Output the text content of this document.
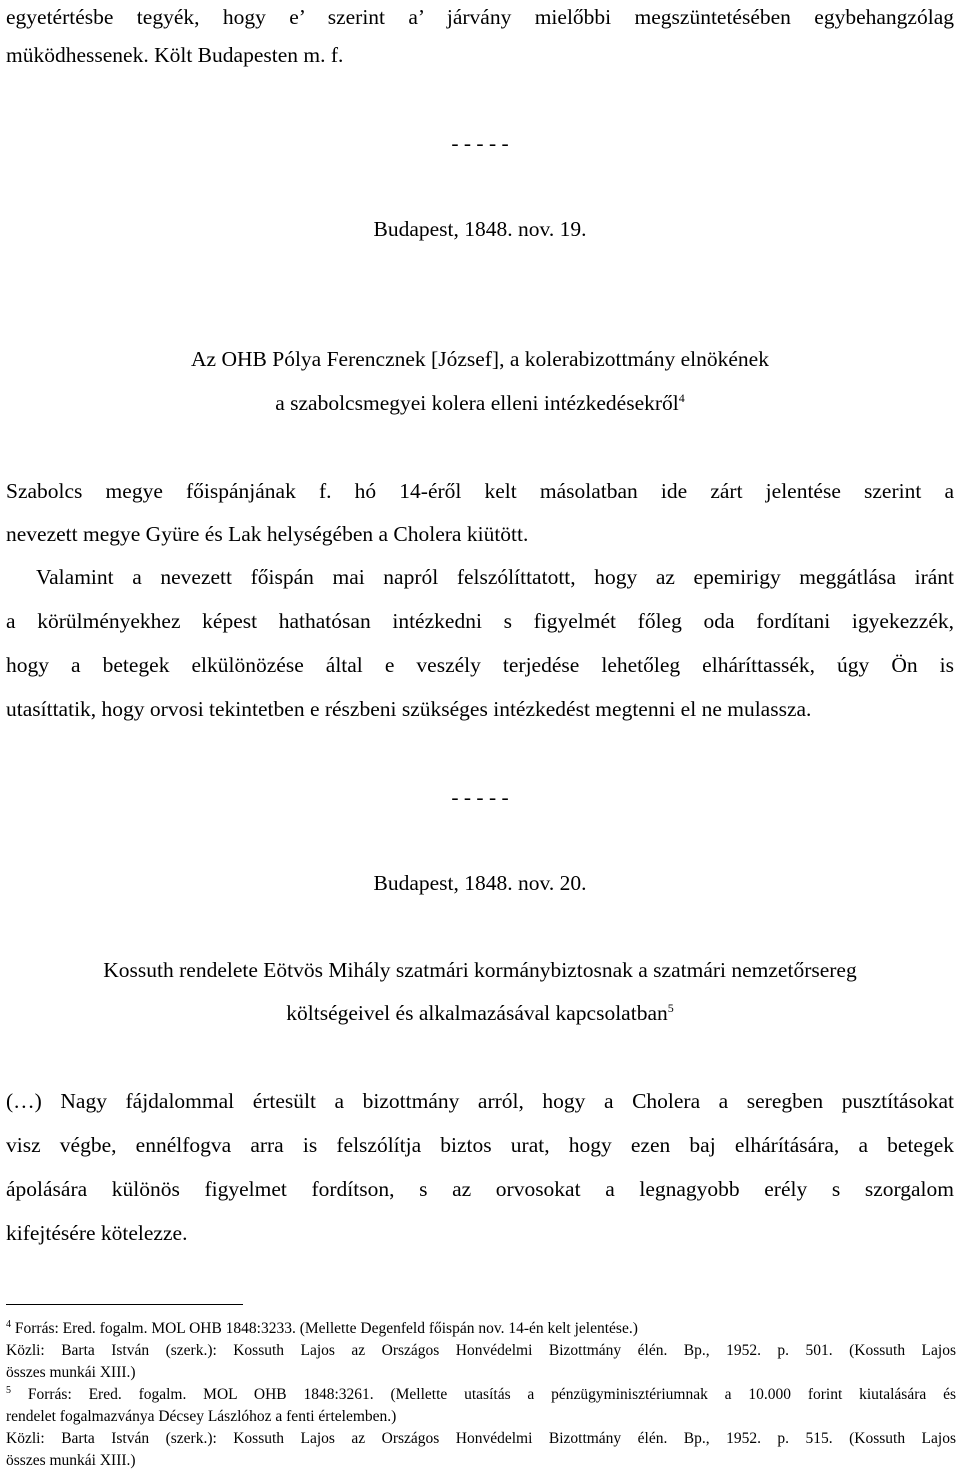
egyetértésbe tegyék, hogy e’ szerint a’ járvány mielőbbi megszüntetésében egybehangzólag
müködhessenek. Költ Budapesten m. f.
- - - - -
Budapest, 1848. nov. 19.
Az OHB Pólya Ferencznek [József], a kolerabizottmány elnökének
a szabolcsmegyei kolera elleni intézkedésekről$^4$
Szabolcs megye főispánjának f. hó 14-éről kelt másolatban ide zárt jelentése szerint a
nevezett megye Gyüre és Lak helységében a Cholera kiütött.
Valamint a nevezett főispán mai napról felszólíttatott, hogy az epemirigy meggátlása iránt
a körülményekhez képest hathatósan intézkedni s figyelmét főleg oda fordítani igyekezzék,
hogy a betegek elkülönözése által e veszély terjedése lehetőleg elháríttassék, úgy Ön is
utasíttatik, hogy orvosi tekintetben e részbeni szükséges intézkedést megtenni el ne mulassza.
- - - - -
Budapest, 1848. nov. 20.
Kossuth rendelete Eötvös Mihály szatmári kormánybiztosnak a szatmári nemzetőrsereg
költségeivel és alkalmazásával kapcsolatban$^5$
(…) Nagy fájdalommal értesült a bizottmány arról, hogy a Cholera a seregben pusztításokat
visz végbe, ennélfogva arra is felszólítja biztos urat, hogy ezen baj elhárítására, a betegek
ápolására különös figyelmet fordítson, s az orvosokat a legnagyobb erély s szorgalom
kifejtésére kötelezze.
$^4$ Forrás: Ered. fogalm. MOL OHB 1848:3233. (Mellette Degenfeld főispán nov. 14-én kelt jelentése.)
Közli: Barta István (szerk.): Kossuth Lajos az Országos Honvédelmi Bizottmány élén. Bp., 1952. p. 501. (Kossuth Lajos
összes munkái XIII.)
$^5$ Forrás: Ered. fogalm. MOL OHB 1848:3261. (Mellette utasítás a pénzügyminisztériumnak a 10.000 forint kiutalására és
rendelet fogalmazványa Décsey Lászlóhoz a fenti értelemben.)
Közli: Barta István (szerk.): Kossuth Lajos az Országos Honvédelmi Bizottmány élén. Bp., 1952. p. 515. (Kossuth Lajos
összes munkái XIII.)
